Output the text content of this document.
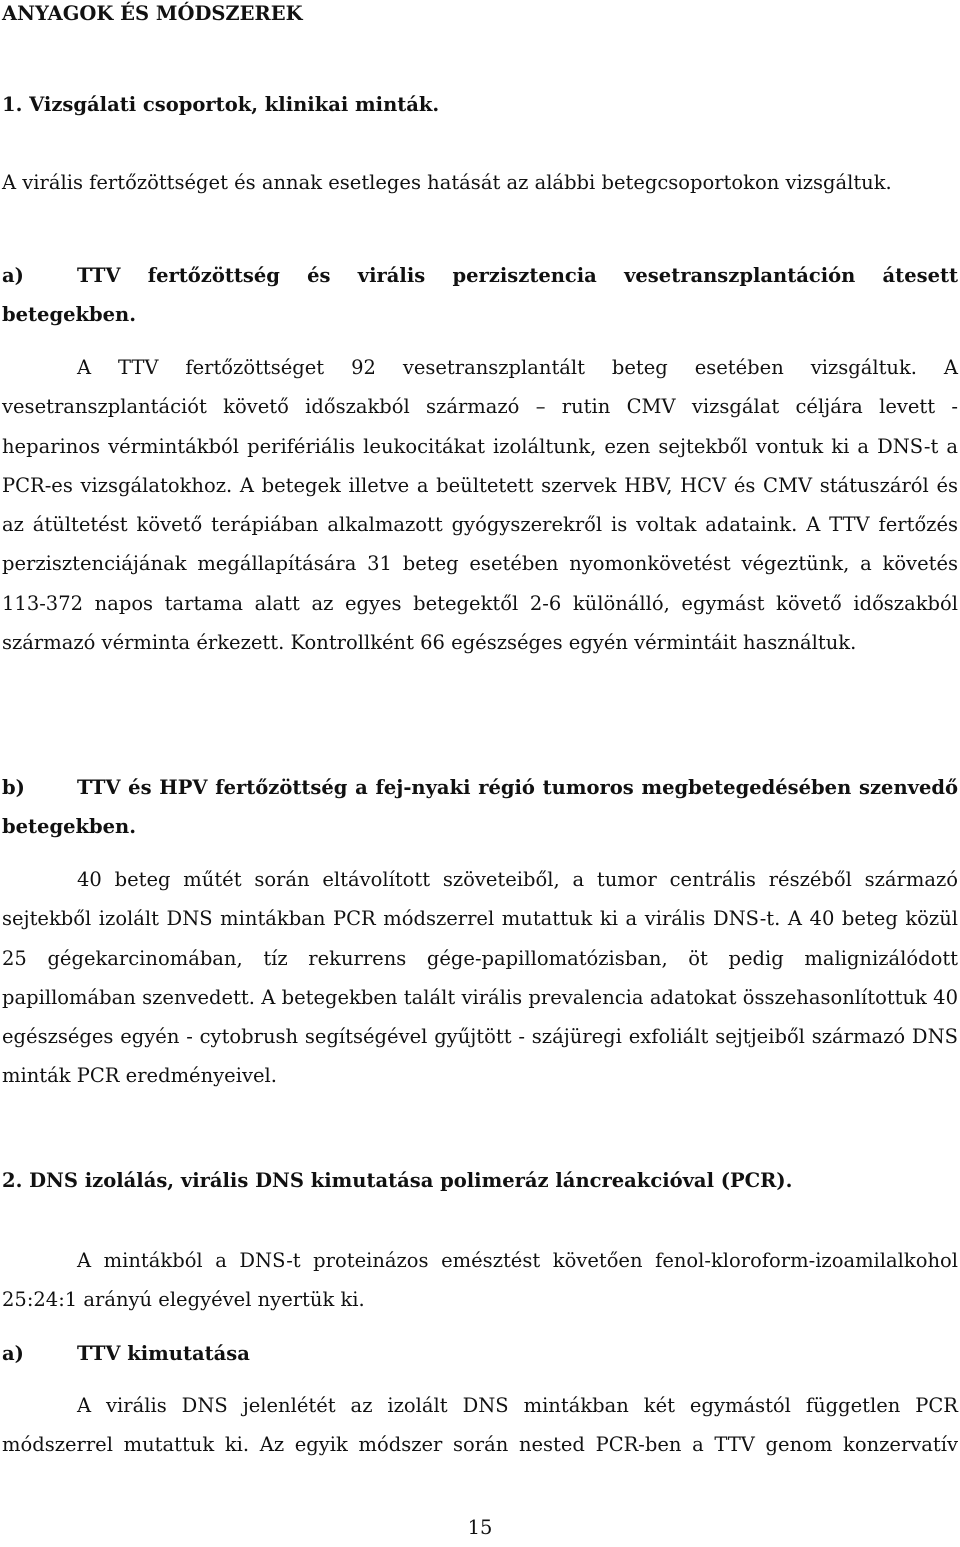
ANYAGOK ÉS MÓDSZEREK
1. Vizsgálati csoportok, klinikai minták.

A virális fertőzöttséget és annak esetleges hatását az alábbi betegcsoportokon vizsgáltuk.

a)	TTV fertőzöttség és virális perzisztencia vesetranszplantáción átesett betegekben.

A TTV fertőzöttséget 92 vesetranszplantált beteg esetében vizsgáltuk. A vesetranszplantációt követő időszakból származó – rutin CMV vizsgálat céljára levett - heparinos vérmintákból perifériális leukocitákat izoláltunk, ezen sejtekből vontuk ki a DNS-t a PCR-es vizsgálatokhoz. A betegek illetve a beültetett szervek HBV, HCV és CMV státuszáról és az átültetést követő terápiában alkalmazott gyógyszerekről is voltak adataink. A TTV fertőzés perzisztenciájának megállapítására 31 beteg esetében nyomonkövetést végeztünk, a követés 113-372 napos tartama alatt az egyes betegektől 2-6 különálló, egymást követő időszakból származó vérminta érkezett. Kontrollként 66 egészséges egyén vérmintáit használtuk.

b)	TTV és HPV fertőzöttség a fej-nyaki régió tumoros megbetegedésében szenvedő betegekben.

40 beteg műtét során eltávolított szöveteiből, a tumor centrális részéből származó sejtekből izolált DNS mintákban PCR módszerrel mutattuk ki a virális DNS-t. A 40 beteg közül 25 gégekarcinomában, tíz rekurrens gége-papillomatózisban, öt pedig malignizálódott papillomában szenvedett. A betegekben talált virális prevalencia adatokat összehasonlítottuk 40 egészséges egyén - cytobrush segítségével gyűjtött - szájüregi exfoliált sejtjeiből származó DNS minták PCR eredményeivel.

2. DNS izolálás, virális DNS kimutatása polimeráz láncreakcióval (PCR).

A mintákból a DNS-t proteinázos emésztést követően fenol-kloroform-izoamilalkohol 25:24:1 arányú elegyével nyertük ki.

a)	TTV kimutatása

A virális DNS jelenlétét az izolált DNS mintákban két egymástól független PCR módszerrel mutattuk ki. Az egyik módszer során nested PCR-ben a TTV genom konzervatív

15
